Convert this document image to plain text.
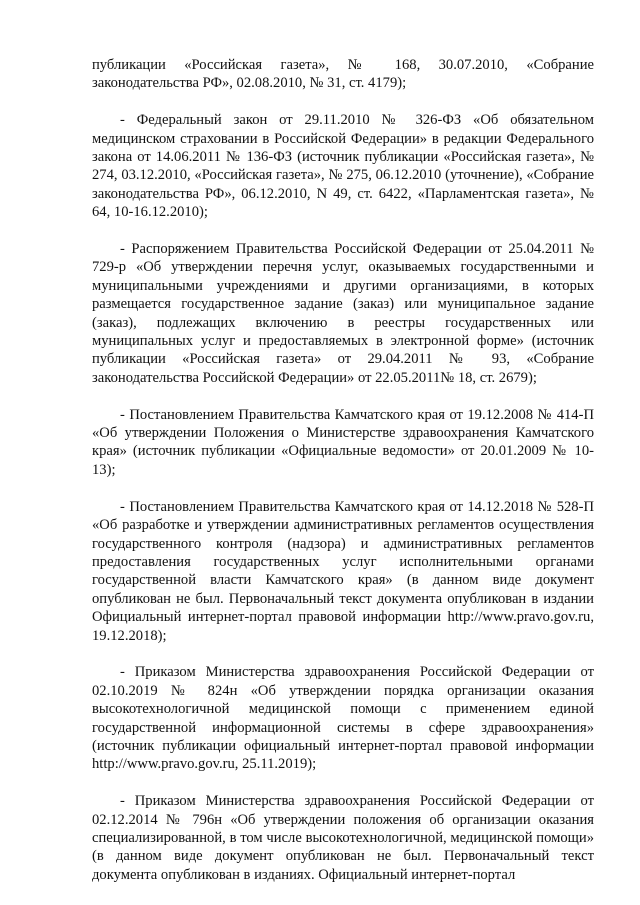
публикации «Российская газета», № 168, 30.07.2010, «Собрание законодательства РФ», 02.08.2010, № 31, ст. 4179);

- Федеральный закон от 29.11.2010 № 326-ФЗ «Об обязательном медицинском страховании в Российской Федерации» в редакции Федерального закона от 14.06.2011 № 136-ФЗ (источник публикации «Российская газета», № 274, 03.12.2010, «Российская газета», № 275, 06.12.2010 (уточнение), «Собрание законодательства РФ», 06.12.2010, N 49, ст. 6422, «Парламентская газета», № 64, 10-16.12.2010);

- Распоряжением Правительства Российской Федерации от 25.04.2011 № 729-р «Об утверждении перечня услуг, оказываемых государственными и муниципальными учреждениями и другими организациями, в которых размещается государственное задание (заказ) или муниципальное задание (заказ), подлежащих включению в реестры государственных или муниципальных услуг и предоставляемых в электронной форме» (источник публикации «Российская газета» от 29.04.2011 № 93, «Собрание законодательства Российской Федерации» от 22.05.2011№ 18, ст. 2679);

- Постановлением Правительства Камчатского края от 19.12.2008 № 414-П «Об утверждении Положения о Министерстве здравоохранения Камчатского края» (источник публикации «Официальные ведомости» от 20.01.2009 № 10-13);

- Постановлением Правительства Камчатского края от 14.12.2018 № 528-П «Об разработке и утверждении административных регламентов осуществления государственного контроля (надзора) и административных регламентов предоставления государственных услуг исполнительными органами государственной власти Камчатского края» (в данном виде документ опубликован не был. Первоначальный текст документа опубликован в издании Официальный интернет-портал правовой информации http://www.pravo.gov.ru, 19.12.2018);

- Приказом Министерства здравоохранения Российской Федерации от 02.10.2019 № 824н «Об утверждении порядка организации оказания высокотехнологичной медицинской помощи с применением единой государственной информационной системы в сфере здравоохранения» (источник публикации официальный интернет-портал правовой информации http://www.pravo.gov.ru, 25.11.2019);

- Приказом Министерства здравоохранения Российской Федерации от 02.12.2014 № 796н «Об утверждении положения об организации оказания специализированной, в том числе высокотехнологичной, медицинской помощи» (в данном виде документ опубликован не был. Первоначальный текст документа опубликован в изданиях. Официальный интернет-портал
